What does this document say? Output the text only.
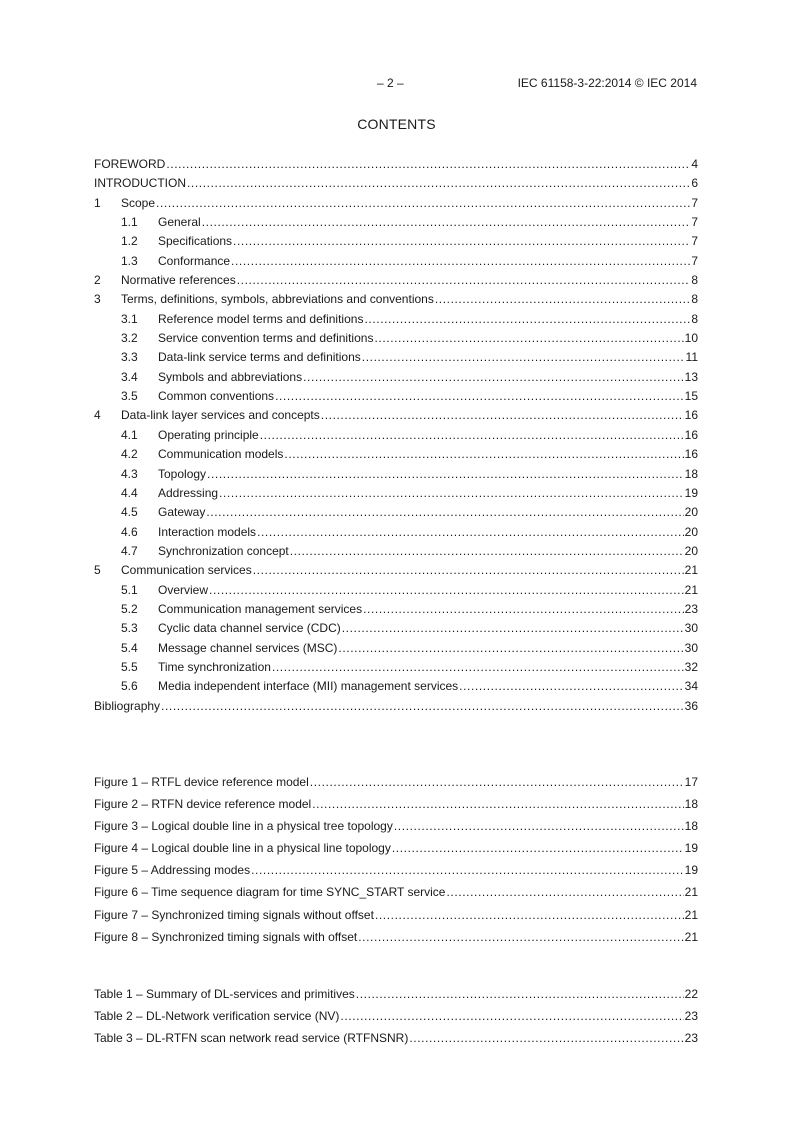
– 2 –	IEC 61158-3-22:2014 © IEC 2014
CONTENTS
FOREWORD .....	4
INTRODUCTION .....	6
1	Scope .....	7
1.1	General .....	7
1.2	Specifications .....	7
1.3	Conformance .....	7
2	Normative references .....	8
3	Terms, definitions, symbols, abbreviations and conventions .....	8
3.1	Reference model terms and definitions .....	8
3.2	Service convention terms and definitions .....	10
3.3	Data-link service terms and definitions .....	11
3.4	Symbols and abbreviations .....	13
3.5	Common conventions .....	15
4	Data-link layer services and concepts .....	16
4.1	Operating principle .....	16
4.2	Communication models .....	16
4.3	Topology .....	18
4.4	Addressing .....	19
4.5	Gateway .....	20
4.6	Interaction models .....	20
4.7	Synchronization concept .....	20
5	Communication services .....	21
5.1	Overview .....	21
5.2	Communication management services .....	23
5.3	Cyclic data channel service (CDC) .....	30
5.4	Message channel services (MSC) .....	30
5.5	Time synchronization .....	32
5.6	Media independent interface (MII) management services .....	34
Bibliography .....	36
Figure 1 – RTFL device reference model .....	17
Figure 2 – RTFN device reference model .....	18
Figure 3 – Logical double line in a physical tree topology .....	18
Figure 4 – Logical double line in a physical line topology .....	19
Figure 5 – Addressing modes .....	19
Figure 6 – Time sequence diagram for time SYNC_START service .....	21
Figure 7 – Synchronized timing signals without offset .....	21
Figure 8 – Synchronized timing signals with offset .....	21
Table 1 – Summary of DL-services and primitives .....	22
Table 2 – DL-Network verification service (NV) .....	23
Table 3 – DL-RTFN scan network read service (RTFNSNR) .....	23
